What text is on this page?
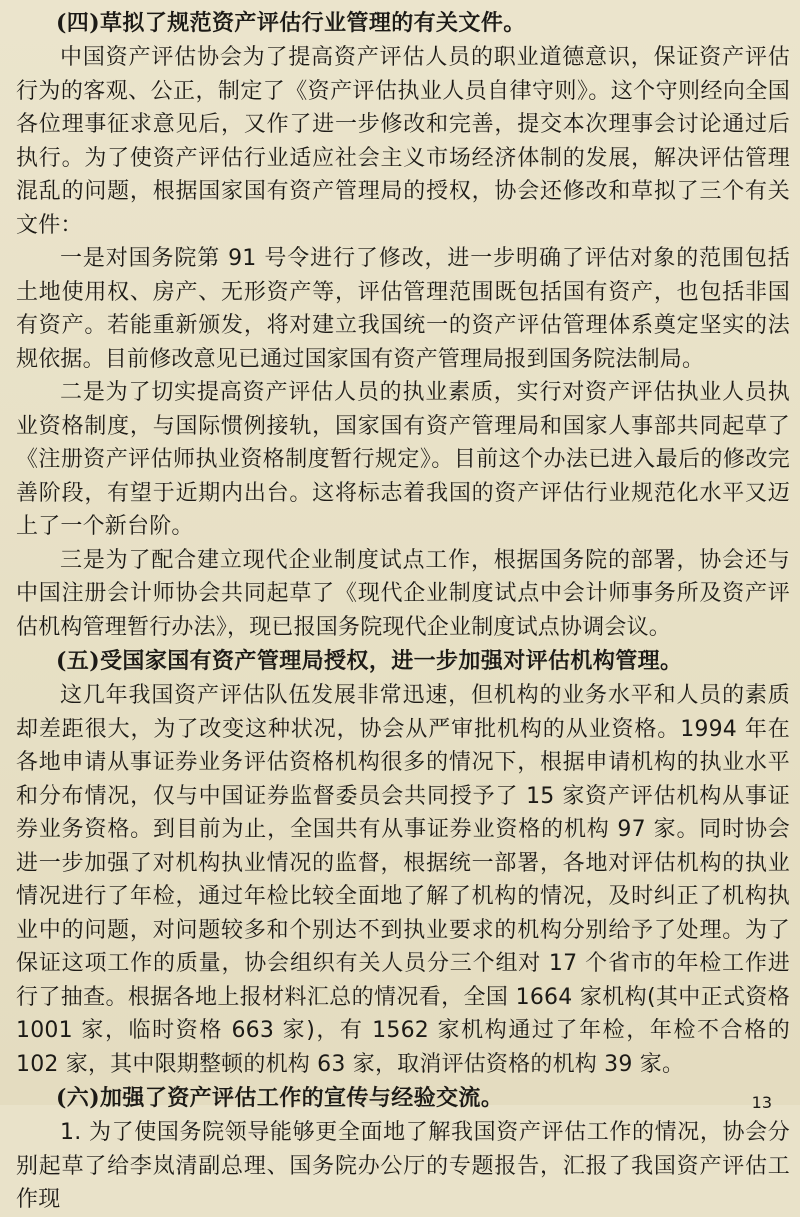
(四)草拟了规范资产评估行业管理的有关文件。

中国资产评估协会为了提高资产评估人员的职业道德意识，保证资产评估行为的客观、公正，制定了《资产评估执业人员自律守则》。这个守则经向全国各位理事征求意见后，又作了进一步修改和完善，提交本次理事会讨论通过后执行。为了使资产评估行业适应社会主义市场经济体制的发展，解决评估管理混乱的问题，根据国家国有资产管理局的授权，协会还修改和草拟了三个有关文件：

一是对国务院第 91 号令进行了修改，进一步明确了评估对象的范围包括土地使用权、房产、无形资产等，评估管理范围既包括国有资产，也包括非国有资产。若能重新颁发，将对建立我国统一的资产评估管理体系奠定坚实的法规依据。目前修改意见已通过国家国有资产管理局报到国务院法制局。

二是为了切实提高资产评估人员的执业素质，实行对资产评估执业人员执业资格制度，与国际惯例接轨，国家国有资产管理局和国家人事部共同起草了《注册资产评估师执业资格制度暂行规定》。目前这个办法已进入最后的修改完善阶段，有望于近期内出台。这将标志着我国的资产评估行业规范化水平又迈上了一个新台阶。

三是为了配合建立现代企业制度试点工作，根据国务院的部署，协会还与中国注册会计师协会共同起草了《现代企业制度试点中会计师事务所及资产评估机构管理暂行办法》，现已报国务院现代企业制度试点协调会议。

(五)受国家国有资产管理局授权，进一步加强对评估机构管理。

这几年我国资产评估队伍发展非常迅速，但机构的业务水平和人员的素质却差距很大，为了改变这种状况，协会从严审批机构的从业资格。1994 年在各地申请从事证券业务评估资格机构很多的情况下，根据申请机构的执业水平和分布情况，仅与中国证券监督委员会共同授予了 15 家资产评估机构从事证券业务资格。到目前为止，全国共有从事证券业资格的机构 97 家。同时协会进一步加强了对机构执业情况的监督，根据统一部署，各地对评估机构的执业情况进行了年检，通过年检比较全面地了解了机构的情况，及时纠正了机构执业中的问题，对问题较多和个别达不到执业要求的机构分别给予了处理。为了保证这项工作的质量，协会组织有关人员分三个组对 17 个省市的年检工作进行了抽查。根据各地上报材料汇总的情况看，全国 1664 家机构(其中正式资格 1001 家，临时资格 663 家)，有 1562 家机构通过了年检，年检不合格的 102 家，其中限期整顿的机构 63 家，取消评估资格的机构 39 家。

(六)加强了资产评估工作的宣传与经验交流。

1. 为了使国务院领导能够更全面地了解我国资产评估工作的情况，协会分别起草了给李岚清副总理、国务院办公厅的专题报告，汇报了我国资产评估工作现

13
